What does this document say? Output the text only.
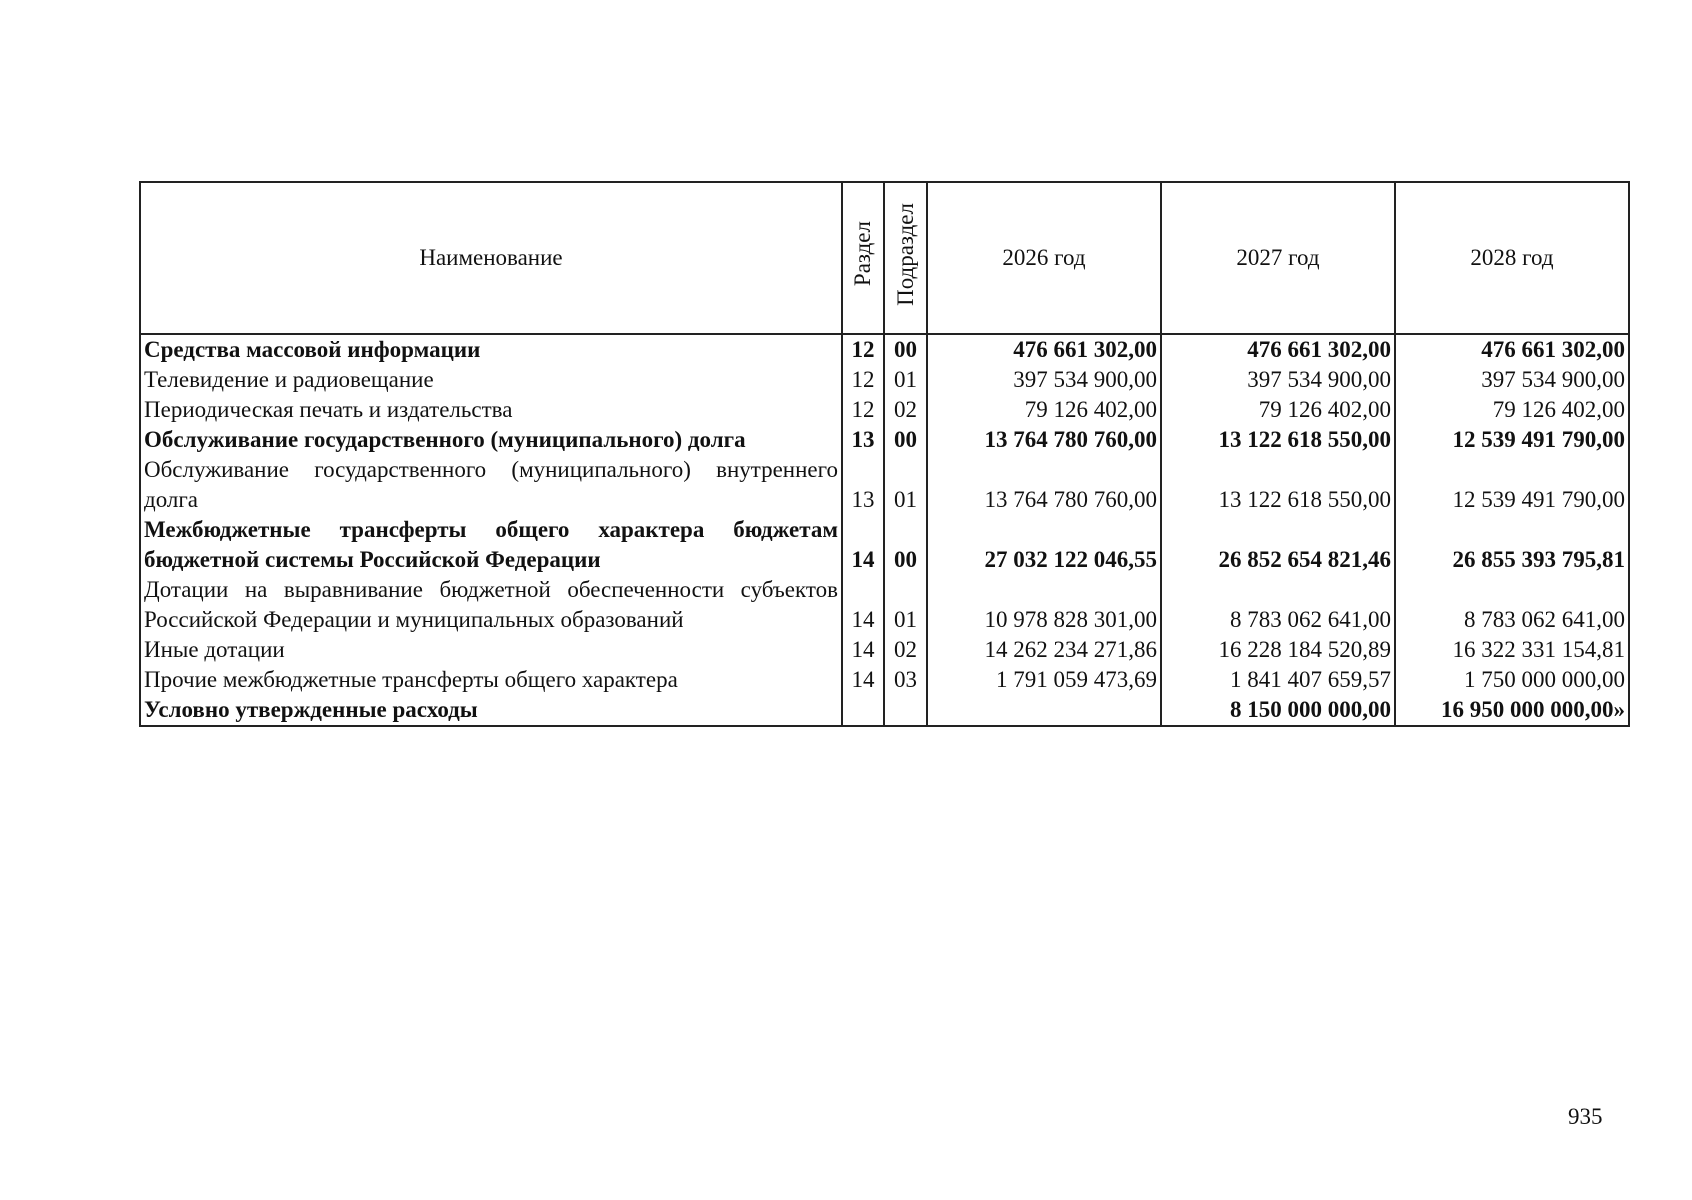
Наименование	Раздел	Подраздел	2026 год	2027 год	2028 год
Средства массовой информации	12	00	476 661 302,00	476 661 302,00	476 661 302,00
Телевидение и радиовещание	12	01	397 534 900,00	397 534 900,00	397 534 900,00
Периодическая печать и издательства	12	02	79 126 402,00	79 126 402,00	79 126 402,00
Обслуживание государственного (муниципального) долга	13	00	13 764 780 760,00	13 122 618 550,00	12 539 491 790,00
Обслуживание государственного (муниципального) внутреннего долга	13	01	13 764 780 760,00	13 122 618 550,00	12 539 491 790,00
Межбюджетные трансферты общего характера бюджетам бюджетной системы Российской Федерации	14	00	27 032 122 046,55	26 852 654 821,46	26 855 393 795,81
Дотации на выравнивание бюджетной обеспеченности субъектов Российской Федерации и муниципальных образований	14	01	10 978 828 301,00	8 783 062 641,00	8 783 062 641,00
Иные дотации	14	02	14 262 234 271,86	16 228 184 520,89	16 322 331 154,81
Прочие межбюджетные трансферты общего характера	14	03	1 791 059 473,69	1 841 407 659,57	1 750 000 000,00
Условно утвержденные расходы				8 150 000 000,00	16 950 000 000,00»
935
